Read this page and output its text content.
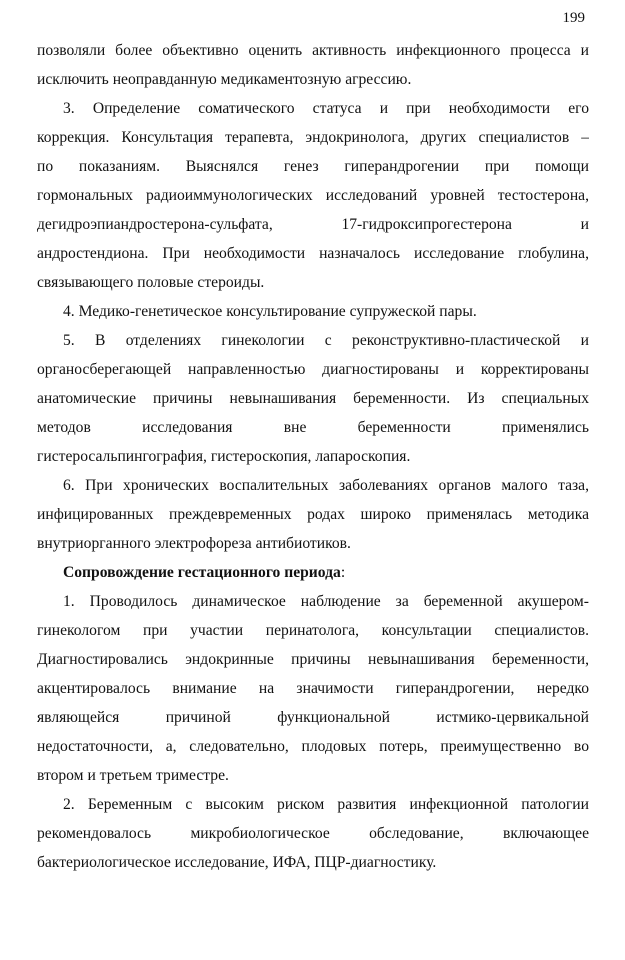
199
позволяли более объективно оценить активность инфекционного процесса и
исключить неоправданную медикаментозную агрессию.
3. Определение соматического статуса и при необходимости его
коррекция. Консультация терапевта, эндокринолога, других специалистов –
по показаниям. Выяснялся генез гиперандрогении при помощи
гормональных радиоиммунологических исследований уровней тестостерона,
дегидроэпиандростерона-сульфата, 17-гидроксипрогестерона и
андростендиона. При необходимости назначалось исследование глобулина,
связывающего половые стероиды.
4. Медико-генетическое консультирование супружеской пары.
5. В отделениях гинекологии с реконструктивно-пластической и
органосберегающей направленностью диагностированы и корректированы
анатомические причины невынашивания беременности. Из специальных
методов исследования вне беременности применялись
гистеросальпингография, гистероскопия, лапароскопия.
6. При хронических воспалительных заболеваниях органов малого таза,
инфицированных преждевременных родах широко применялась методика
внутриорганного электрофореза антибиотиков.
Сопровождение гестационного периода:
1. Проводилось динамическое наблюдение за беременной акушером-
гинекологом при участии перинатолога, консультации специалистов.
Диагностировались эндокринные причины невынашивания беременности,
акцентировалось внимание на значимости гиперандрогении, нередко
являющейся причиной функциональной истмико-цервикальной
недостаточности, а, следовательно, плодовых потерь, преимущественно во
втором и третьем триместре.
2. Беременным с высоким риском развития инфекционной патологии
рекомендовалось микробиологическое обследование, включающее
бактериологическое исследование, ИФА, ПЦР-диагностику.
